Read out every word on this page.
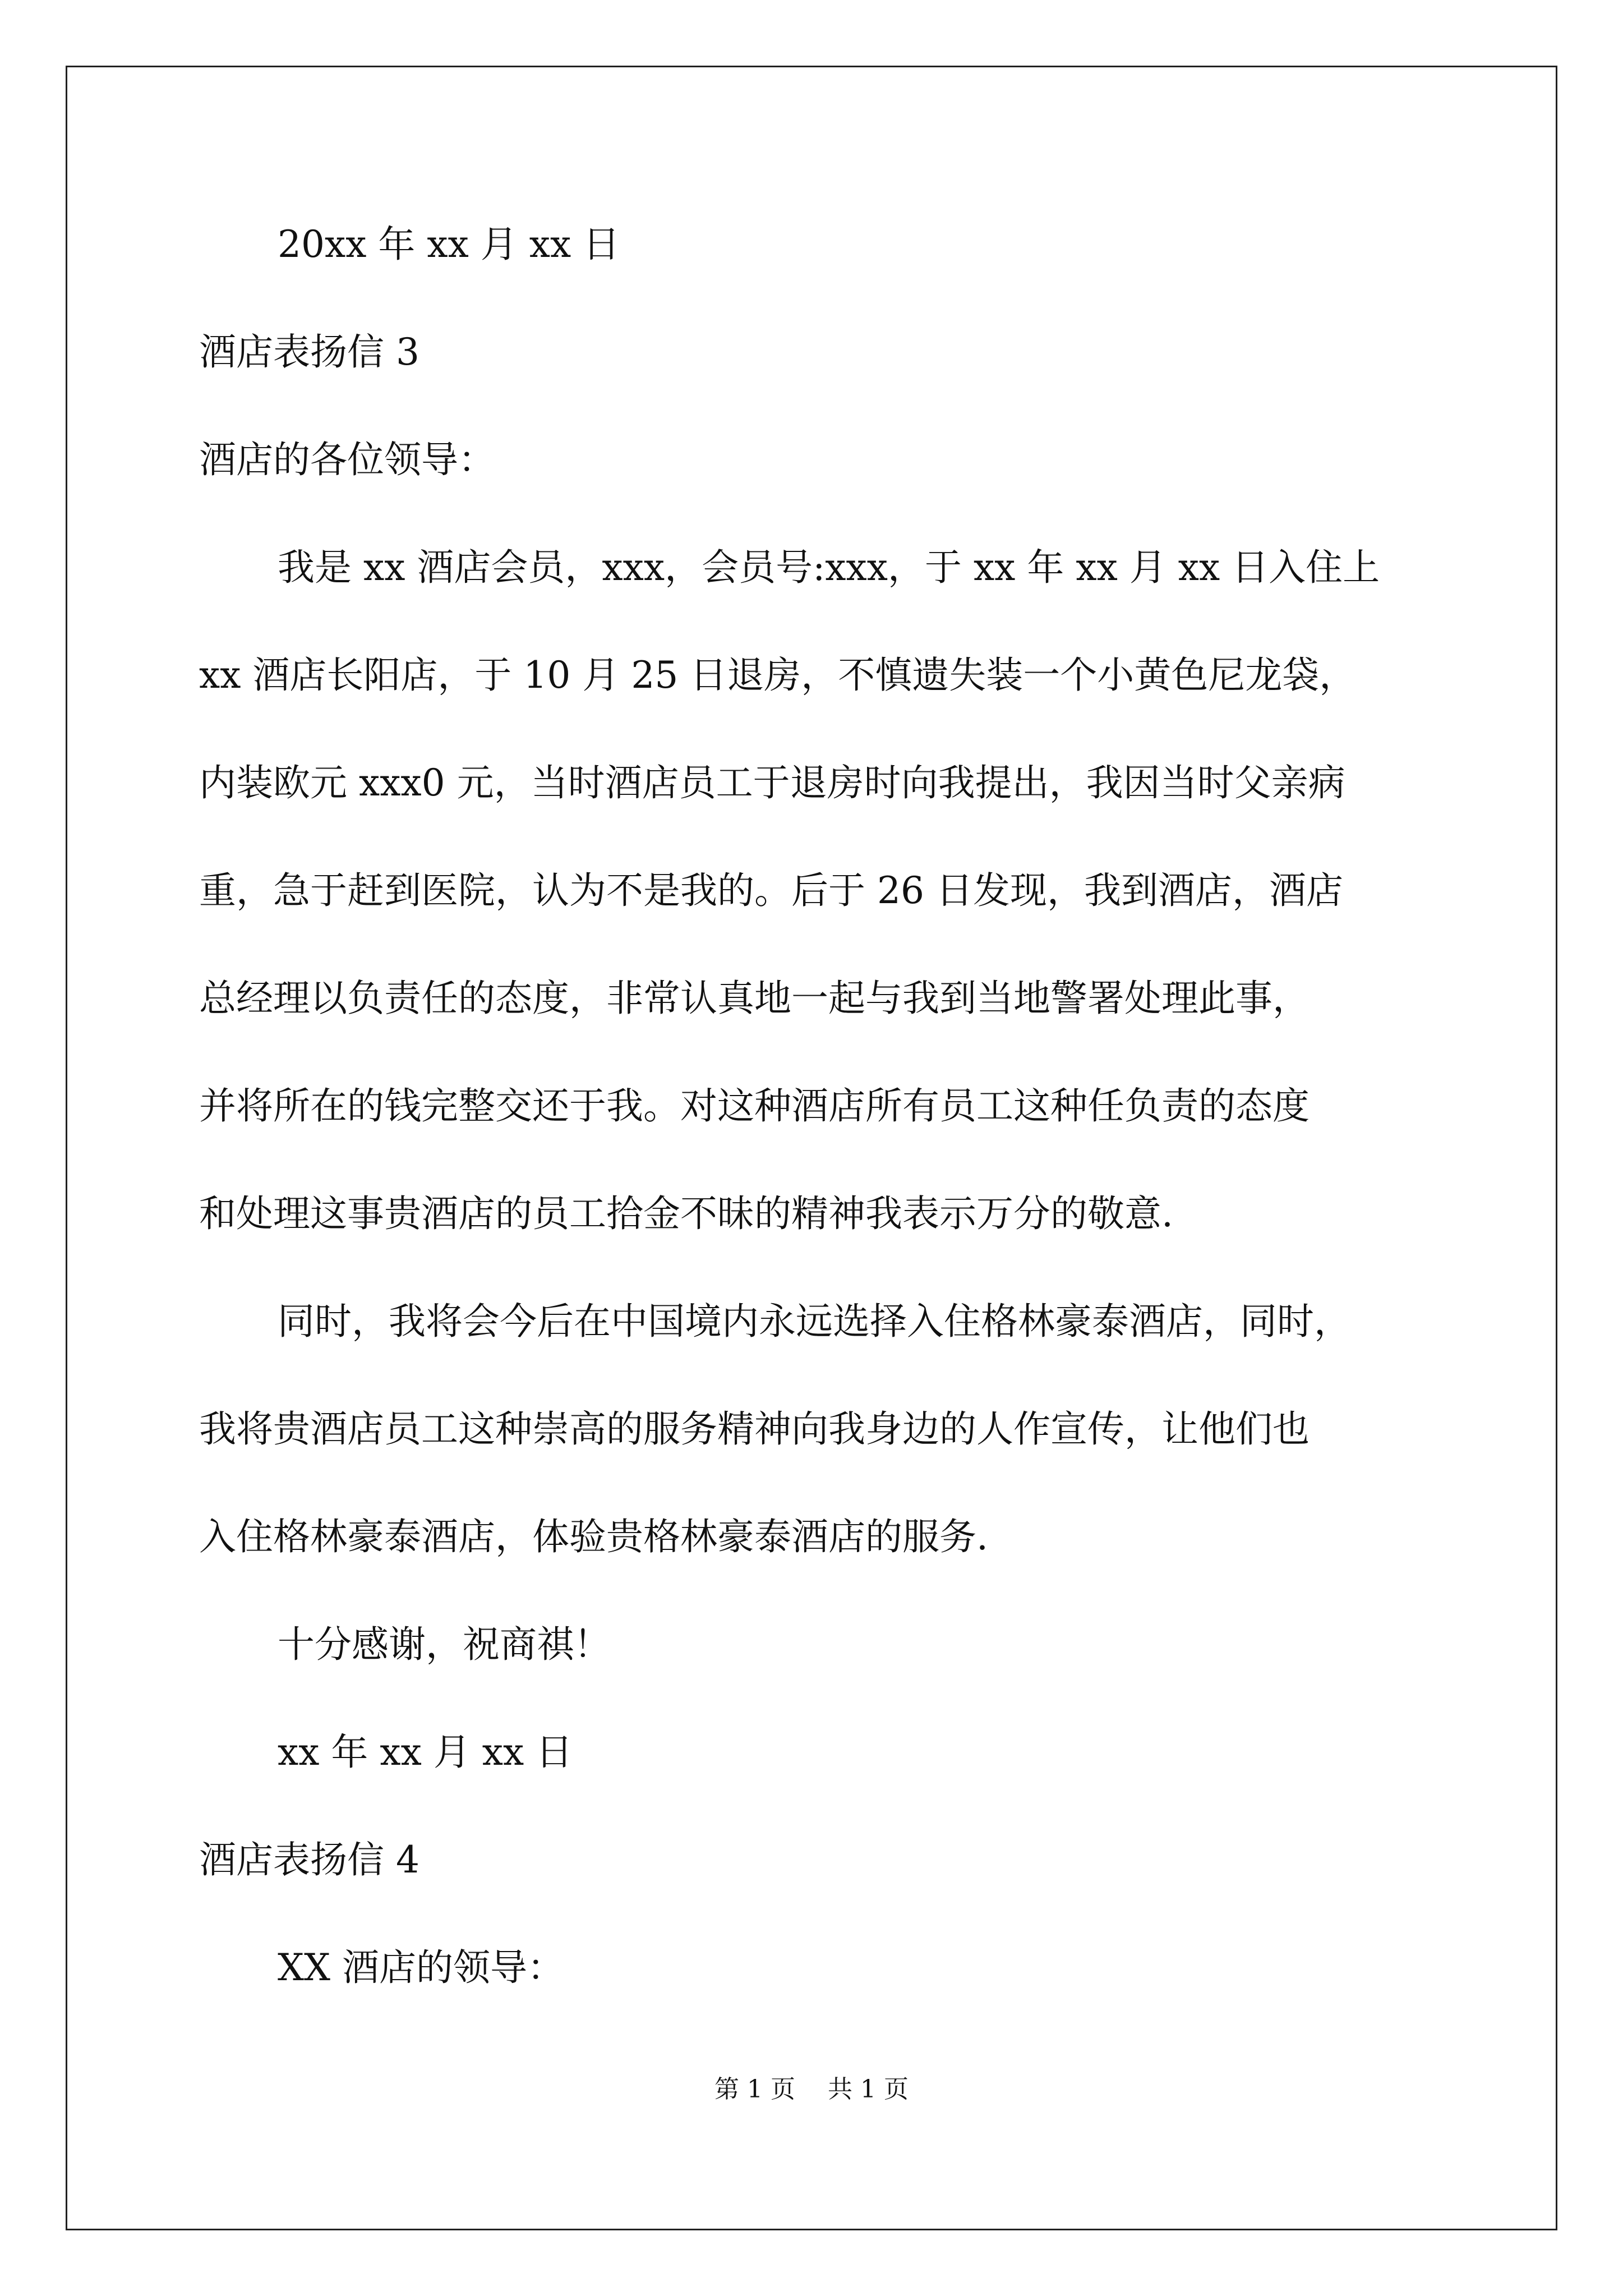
20xx 年 xx 月 xx 日

酒店表扬信 3

酒店的各位领导：

我是 xx 酒店会员，xxx，会员号:xxx，于 xx 年 xx 月 xx 日入住上

xx 酒店长阳店，于 10 月 25 日退房，不慎遗失装一个小黄色尼龙袋，

内装欧元 xxx0 元，当时酒店员工于退房时向我提出，我因当时父亲病

重，急于赶到医院，认为不是我的。后于 26 日发现，我到酒店，酒店

总经理以负责任的态度，非常认真地一起与我到当地警署处理此事，

并将所在的钱完整交还于我。对这种酒店所有员工这种任负责的态度

和处理这事贵酒店的员工拾金不昧的精神我表示万分的敬意.

同时，我将会今后在中国境内永远选择入住格林豪泰酒店，同时，

我将贵酒店员工这种崇高的服务精神向我身边的人作宣传，让他们也

入住格林豪泰酒店，体验贵格林豪泰酒店的服务.

十分感谢，祝商祺！

xx 年 xx 月 xx 日

酒店表扬信 4

XX 酒店的领导：

第 1 页　 共 1 页
